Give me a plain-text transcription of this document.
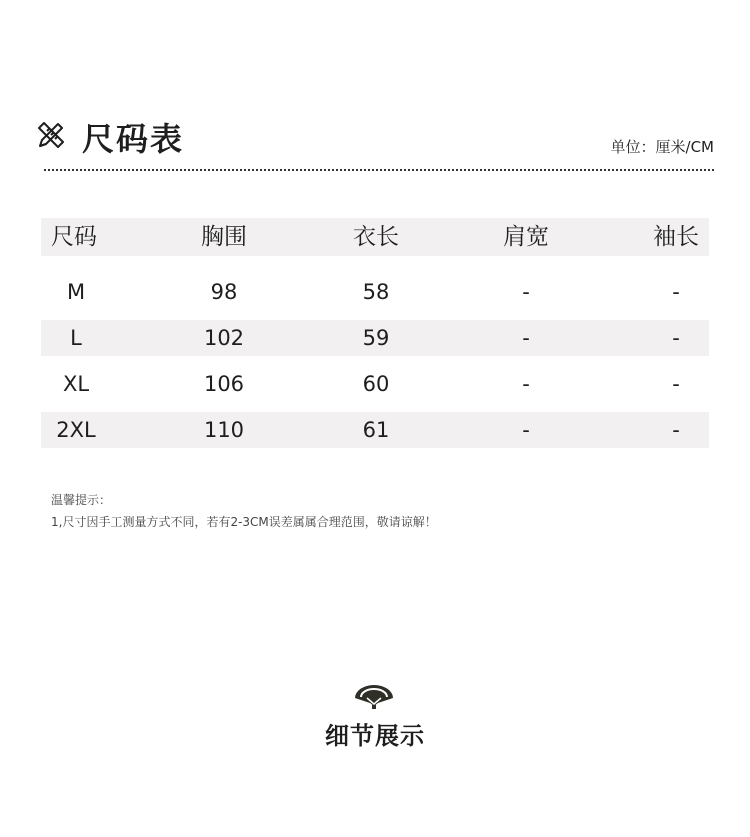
尺码表	单位：厘米/CM
尺码	胸围	衣长	肩宽	袖长
M	98	58	-	-
L	102	59	-	-
XL	106	60	-	-
2XL	110	61	-	-
温馨提示：
1,尺寸因手工测量方式不同，若有2-3CM误差属属合理范围，敬请谅解！
细节展示
